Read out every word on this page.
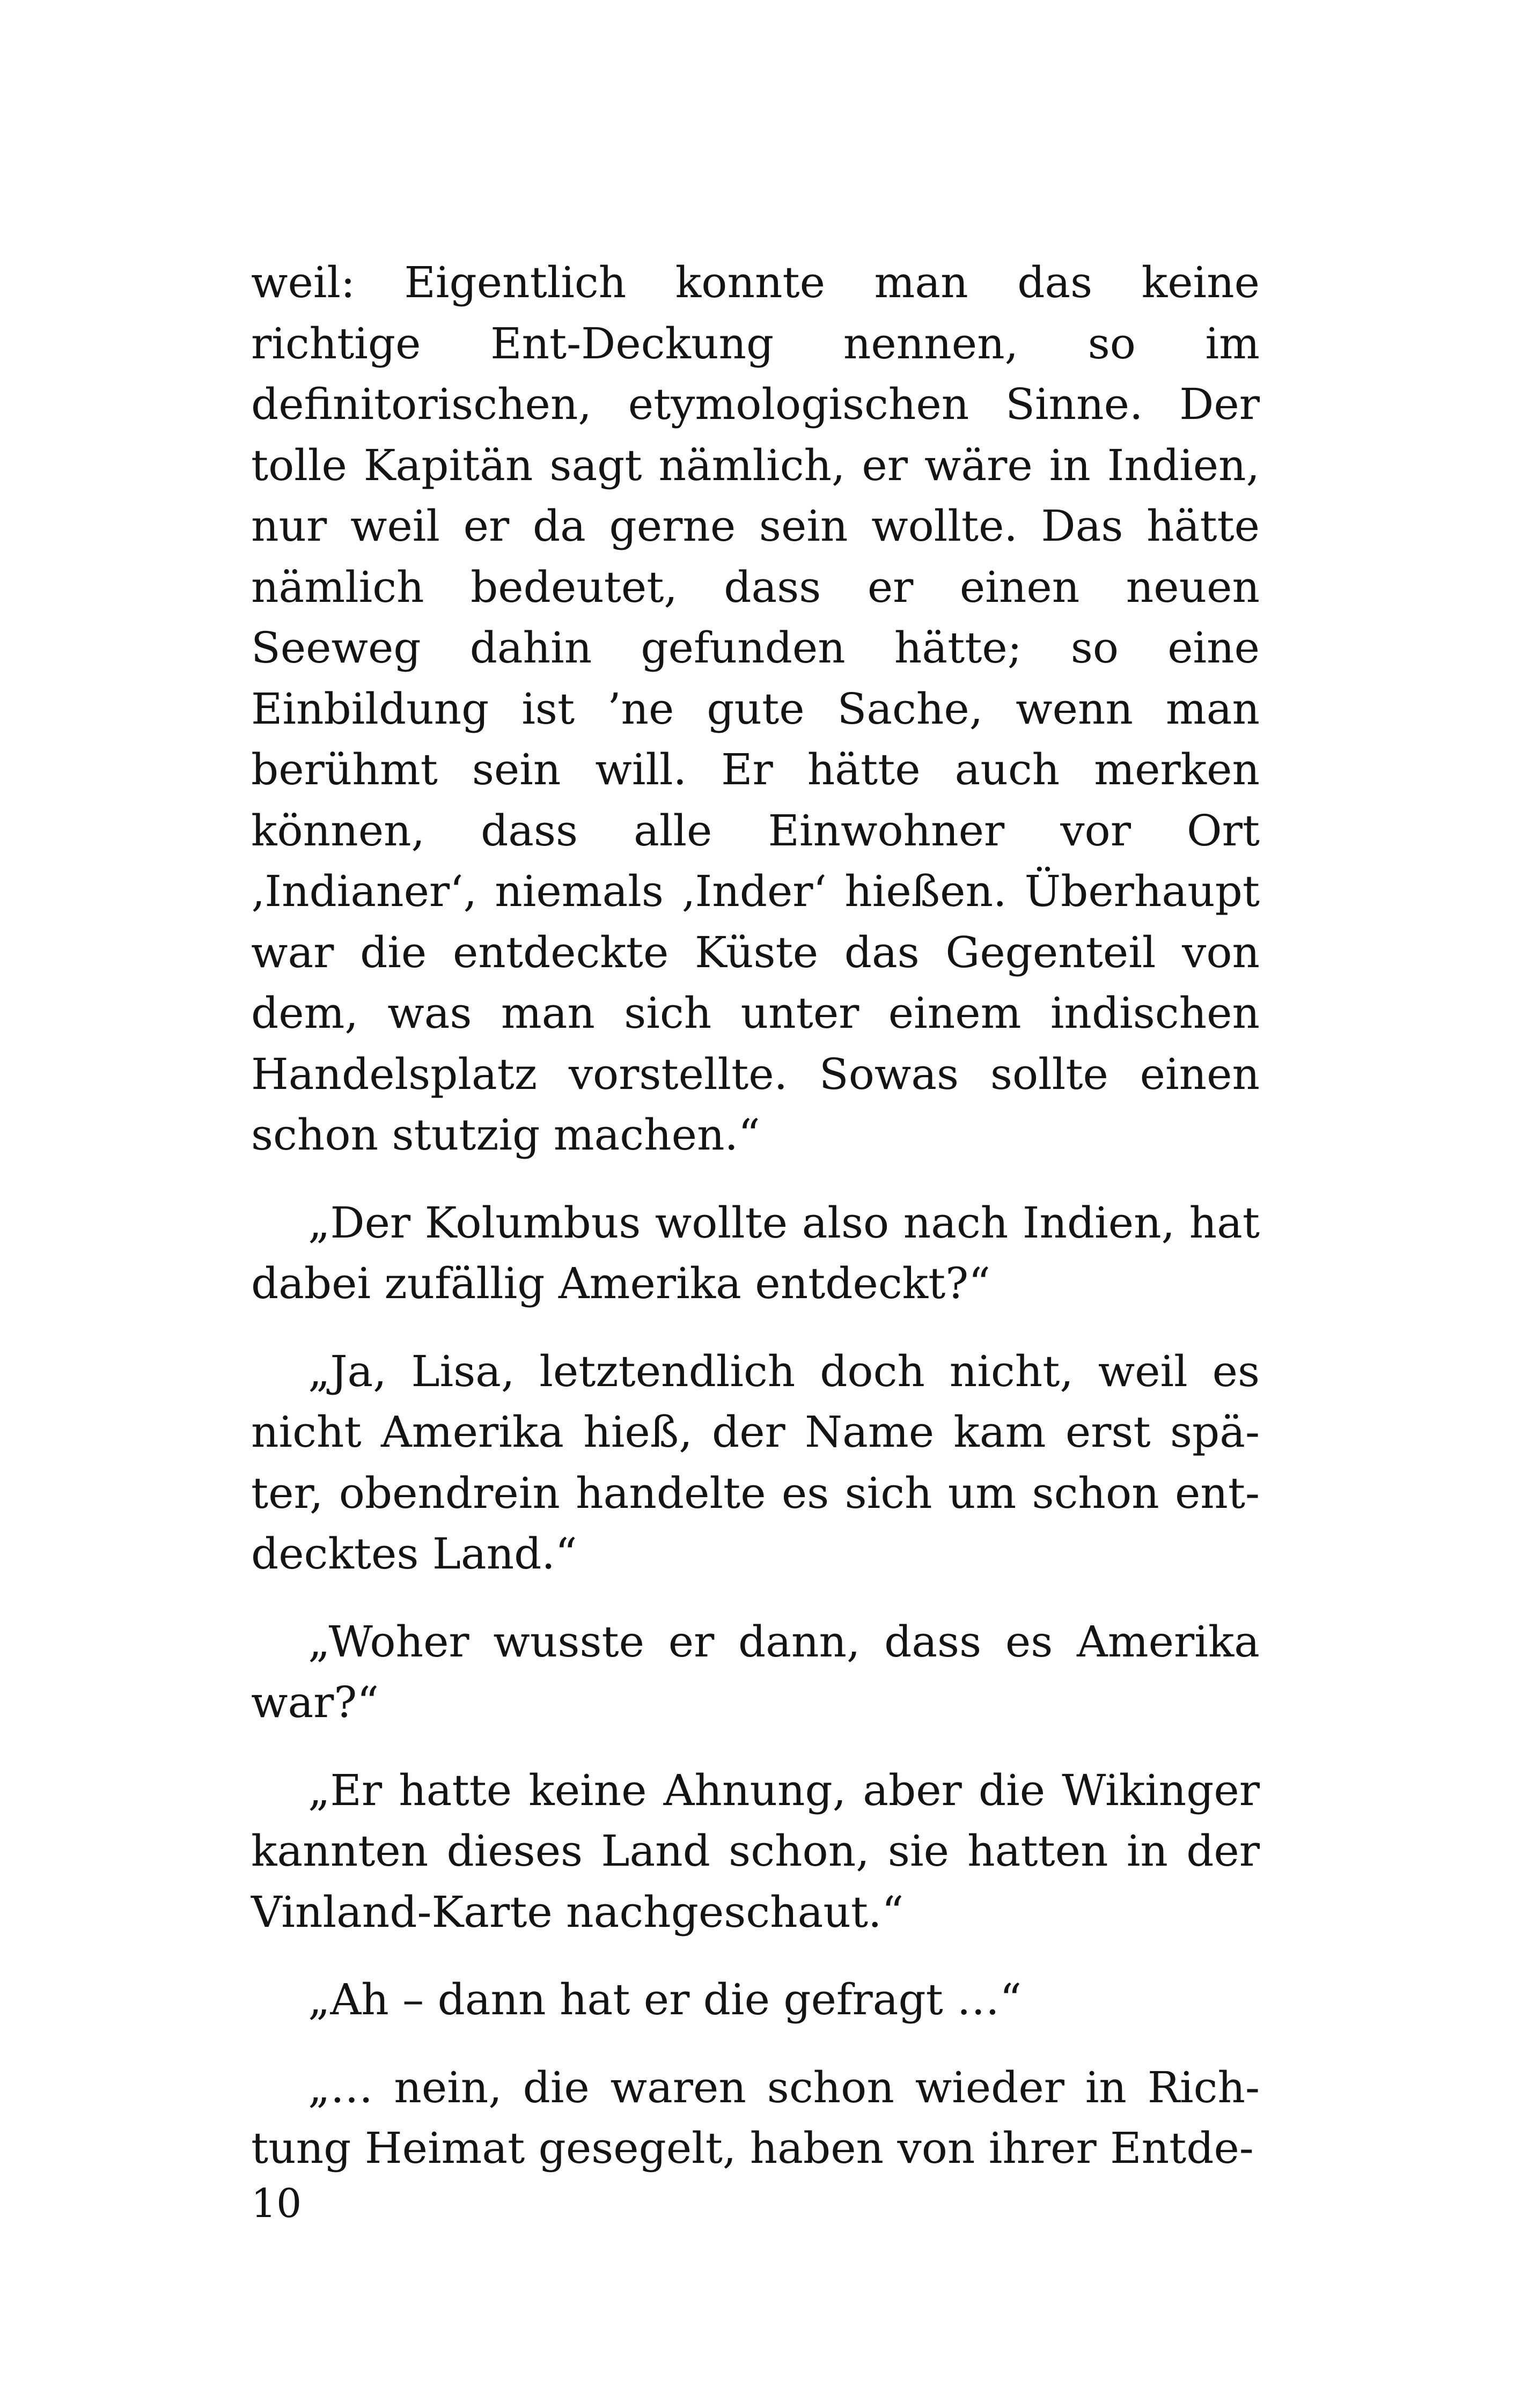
weil: Eigentlich konnte man das keine richtige Ent-Deckung nennen, so im definitorischen, etymologischen Sinne. Der tolle Kapitän sagt nämlich, er wäre in Indien, nur weil er da gerne sein wollte. Das hätte nämlich bedeutet, dass er einen neuen Seeweg dahin gefunden hätte; so eine Einbildung ist ’ne gute Sache, wenn man berühmt sein will. Er hätte auch merken können, dass alle Einwohner vor Ort ‚Indianer‘, niemals ‚Inder‘ hießen. Überhaupt war die entdeckte Küste das Gegenteil von dem, was man sich unter einem indischen Handelsplatz vorstellte. Sowas sollte einen schon stutzig machen.“

„Der Kolumbus wollte also nach Indien, hat dabei zufällig Amerika entdeckt?“

„Ja, Lisa, letztendlich doch nicht, weil es nicht Amerika hieß, der Name kam erst später, obendrein handelte es sich um schon entdecktes Land.“

„Woher wusste er dann, dass es Amerika war?“

„Er hatte keine Ahnung, aber die Wikinger kannten dieses Land schon, sie hatten in der Vinland-Karte nachgeschaut.“

„Ah – dann hat er die gefragt …“

„… nein, die waren schon wieder in Richtung Heimat gesegelt, haben von ihrer Entde-

10
